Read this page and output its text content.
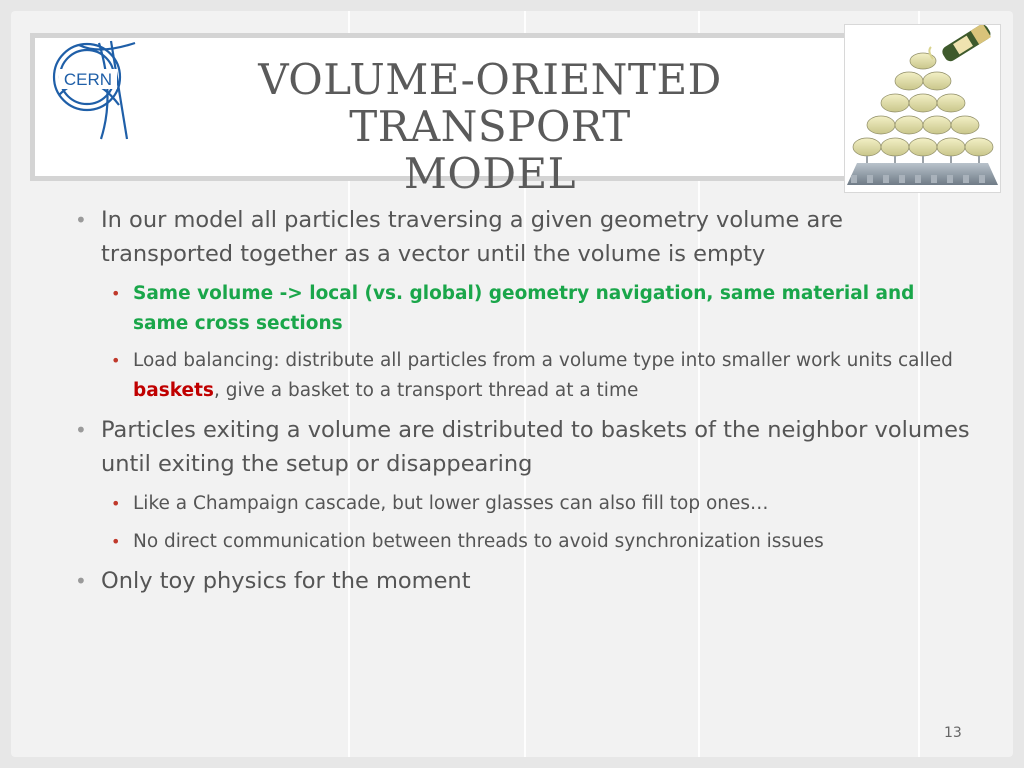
VOLUME-ORIENTED TRANSPORT
MODEL
CERN

• In our model all particles traversing a given geometry volume are transported together as a vector until the volume is empty

• Same volume -> local (vs. global) geometry navigation, same material and same cross sections

• Load balancing: distribute all particles from a volume type into smaller work units called baskets, give a basket to a transport thread at a time

• Particles exiting a volume are distributed to baskets of the neighbor volumes until exiting the setup or disappearing

• Like a Champaign cascade, but lower glasses can also fill top ones…

• No direct communication between threads to avoid synchronization issues

• Only toy physics for the moment

13
